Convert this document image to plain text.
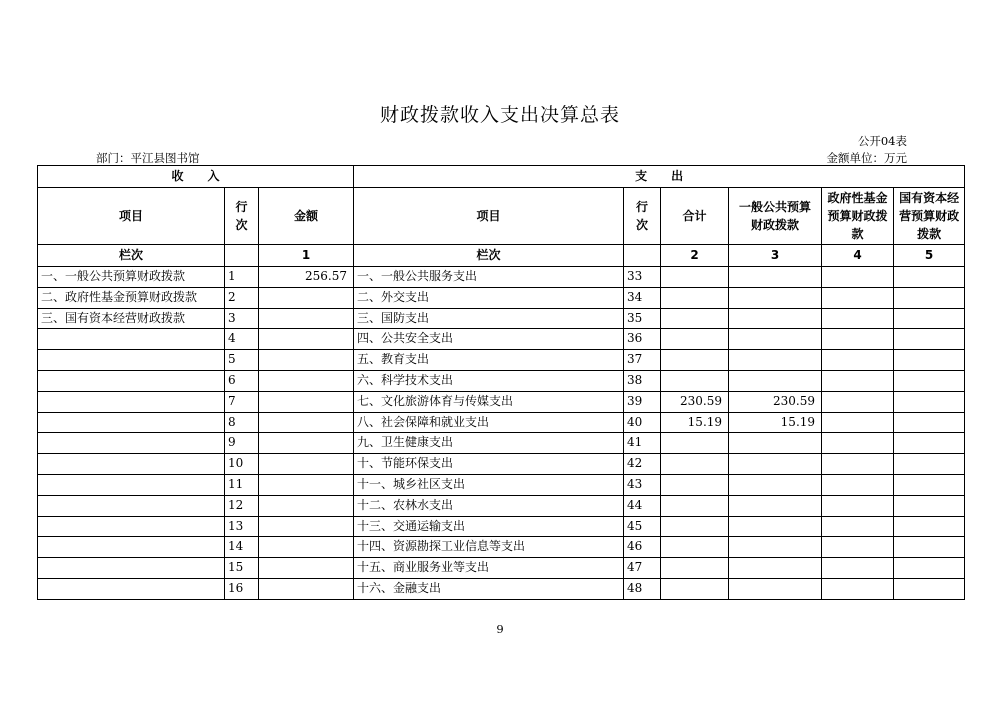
财政拨款收入支出决算总表
公开04表
部门：平江县图书馆	金额单位：万元
收　　入			支　　出					
项目	行次	金额	项目	行次	合计	一般公共预算财政拨款	政府性基金预算财政拨款	国有资本经营预算财政拨款
栏次		1	栏次		2	3	4	5
一、一般公共预算财政拨款	1	256.57	一、一般公共服务支出	33				
二、政府性基金预算财政拨款	2		二、外交支出	34				
三、国有资本经营财政拨款	3		三、国防支出	35				
	4		四、公共安全支出	36				
	5		五、教育支出	37				
	6		六、科学技术支出	38				
	7		七、文化旅游体育与传媒支出	39	230.59	230.59		
	8		八、社会保障和就业支出	40	15.19	15.19		
	9		九、卫生健康支出	41				
	10		十、节能环保支出	42				
	11		十一、城乡社区支出	43				
	12		十二、农林水支出	44				
	13		十三、交通运输支出	45				
	14		十四、资源勘探工业信息等支出	46				
	15		十五、商业服务业等支出	47				
	16		十六、金融支出	48				
9
